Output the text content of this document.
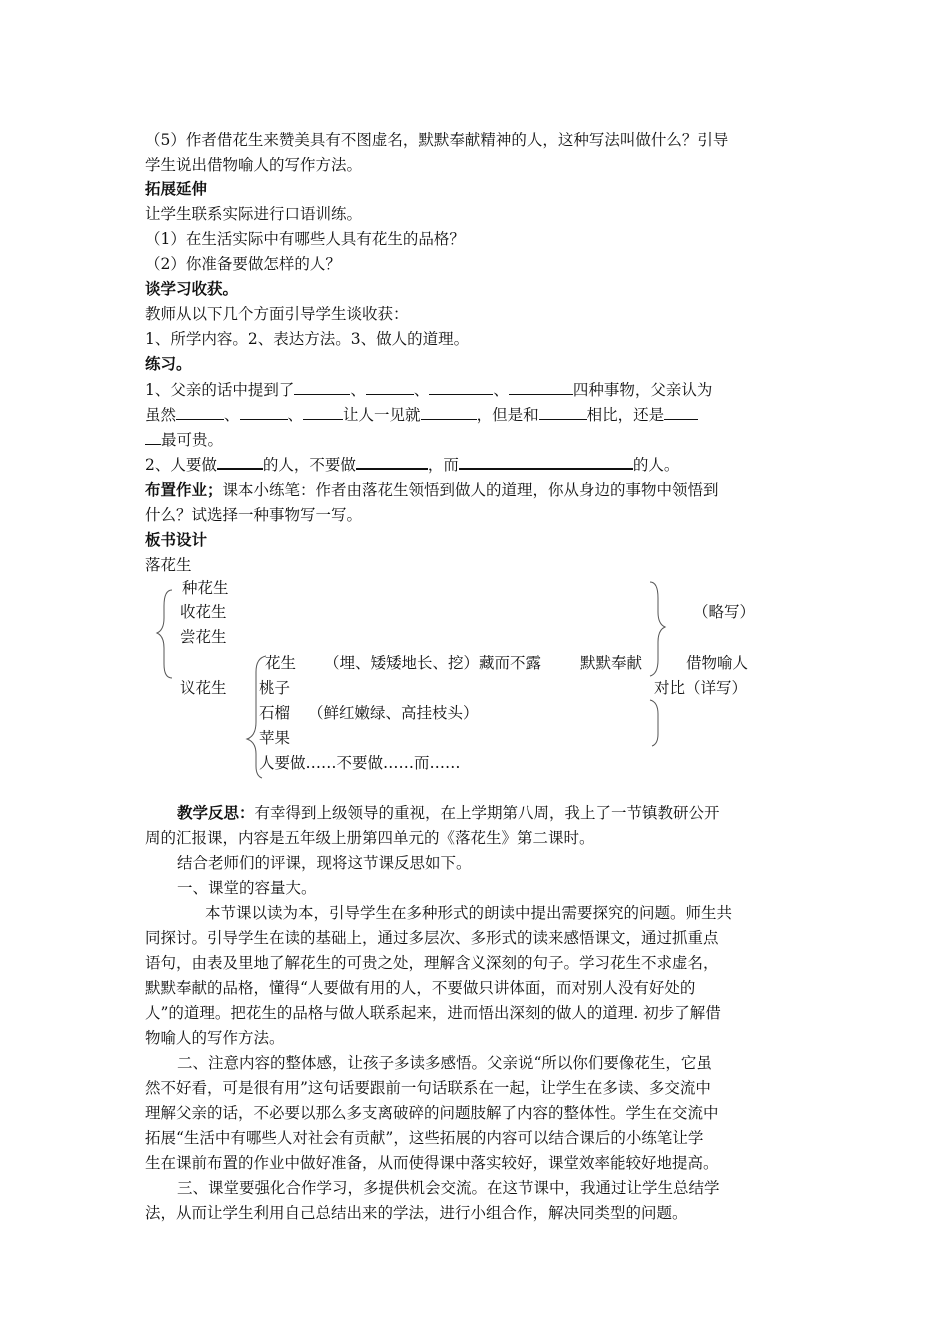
（5）作者借花生来赞美具有不图虚名，默默奉献精神的人，这种写法叫做什么？引导
学生说出借物喻人的写作方法。
拓展延伸
让学生联系实际进行口语训练。
（1）在生活实际中有哪些人具有花生的品格？
（2）你准备要做怎样的人？
谈学习收获。
教师从以下几个方面引导学生谈收获：
1、所学内容。2、表达方法。3、做人的道理。
练习。
1、父亲的话中提到了	、	、	、	四种事物，父亲认为
虽然	、	、	让人一见就	，但是和	相比，还是
最可贵。
2、人要做	的人，不要做	，而	的人。
布置作业；课本小练笔：作者由落花生领悟到做人的道理，你从身边的事物中领悟到
什么？试选择一种事物写一写。
板书设计
落花生
种花生
收花生	（略写）
尝花生
花生 （埋、矮矮地长、挖）藏而不露	默默奉献	借物喻人
议花生 桃子	对比（详写）
石榴 （鲜红嫩绿、高挂枝头）
苹果
人要做……不要做……而……
教学反思：有幸得到上级领导的重视，在上学期第八周，我上了一节镇教研公开
周的汇报课，内容是五年级上册第四单元的《落花生》第二课时。
结合老师们的评课，现将这节课反思如下。
一、课堂的容量大。
本节课以读为本，引导学生在多种形式的朗读中提出需要探究的问题。师生共
同探讨。引导学生在读的基础上，通过多层次、多形式的读来感悟课文，通过抓重点
语句，由表及里地了解花生的可贵之处，理解含义深刻的句子。学习花生不求虚名，
默默奉献的品格，懂得“人要做有用的人，不要做只讲体面，而对别人没有好处的
人”的道理。把花生的品格与做人联系起来，进而悟出深刻的做人的道理. 初步了解借
物喻人的写作方法。
二、注意内容的整体感，让孩子多读多感悟。父亲说“所以你们要像花生，它虽
然不好看，可是很有用”这句话要跟前一句话联系在一起，让学生在多读、多交流中
理解父亲的话，不必要以那么多支离破碎的问题肢解了内容的整体性。学生在交流中
拓展“生活中有哪些人对社会有贡献”，这些拓展的内容可以结合课后的小练笔让学
生在课前布置的作业中做好准备，从而使得课中落实较好，课堂效率能较好地提高。
三、课堂要强化合作学习，多提供机会交流。在这节课中，我通过让学生总结学
法，从而让学生利用自己总结出来的学法，进行小组合作，解决同类型的问题。
